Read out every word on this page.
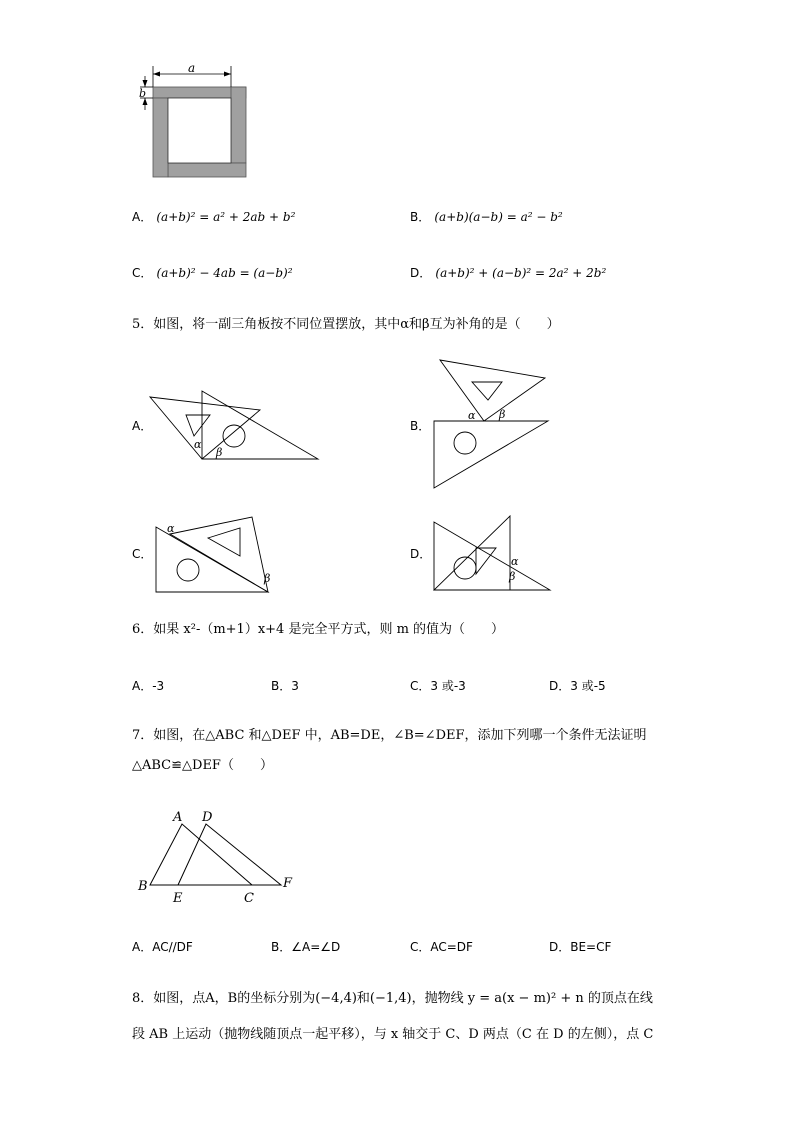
a
b
A． (a+b)² = a² + 2ab + b²	B． (a+b)(a−b) = a² − b²
C． (a+b)² − 4ab = (a−b)²	D． (a+b)² + (a−b)² = 2a² + 2b²
5．如图，将一副三角板按不同位置摆放，其中α和β互为补角的是（　　）
A．
α
β
B．
α β
C．
α
β
D．
α
β
6．如果 x²-（m+1）x+4 是完全平方式，则 m 的值为（　　）
A．-3	B．3	C．3 或-3	D．3 或-5
7．如图，在△ABC 和△DEF 中，AB=DE，∠B=∠DEF，添加下列哪一个条件无法证明
△ABC≌△DEF（　　）
A D
B
E	C
F
A．AC//DF	B．∠A=∠D	C．AC=DF	D．BE=CF
8．如图，点A，B的坐标分别为(−4,4)和(−1,4)，抛物线 y = a(x − m)² + n 的顶点在线
段 AB 上运动（抛物线随顶点一起平移），与 x 轴交于 C、D 两点（C 在 D 的左侧），点 C
